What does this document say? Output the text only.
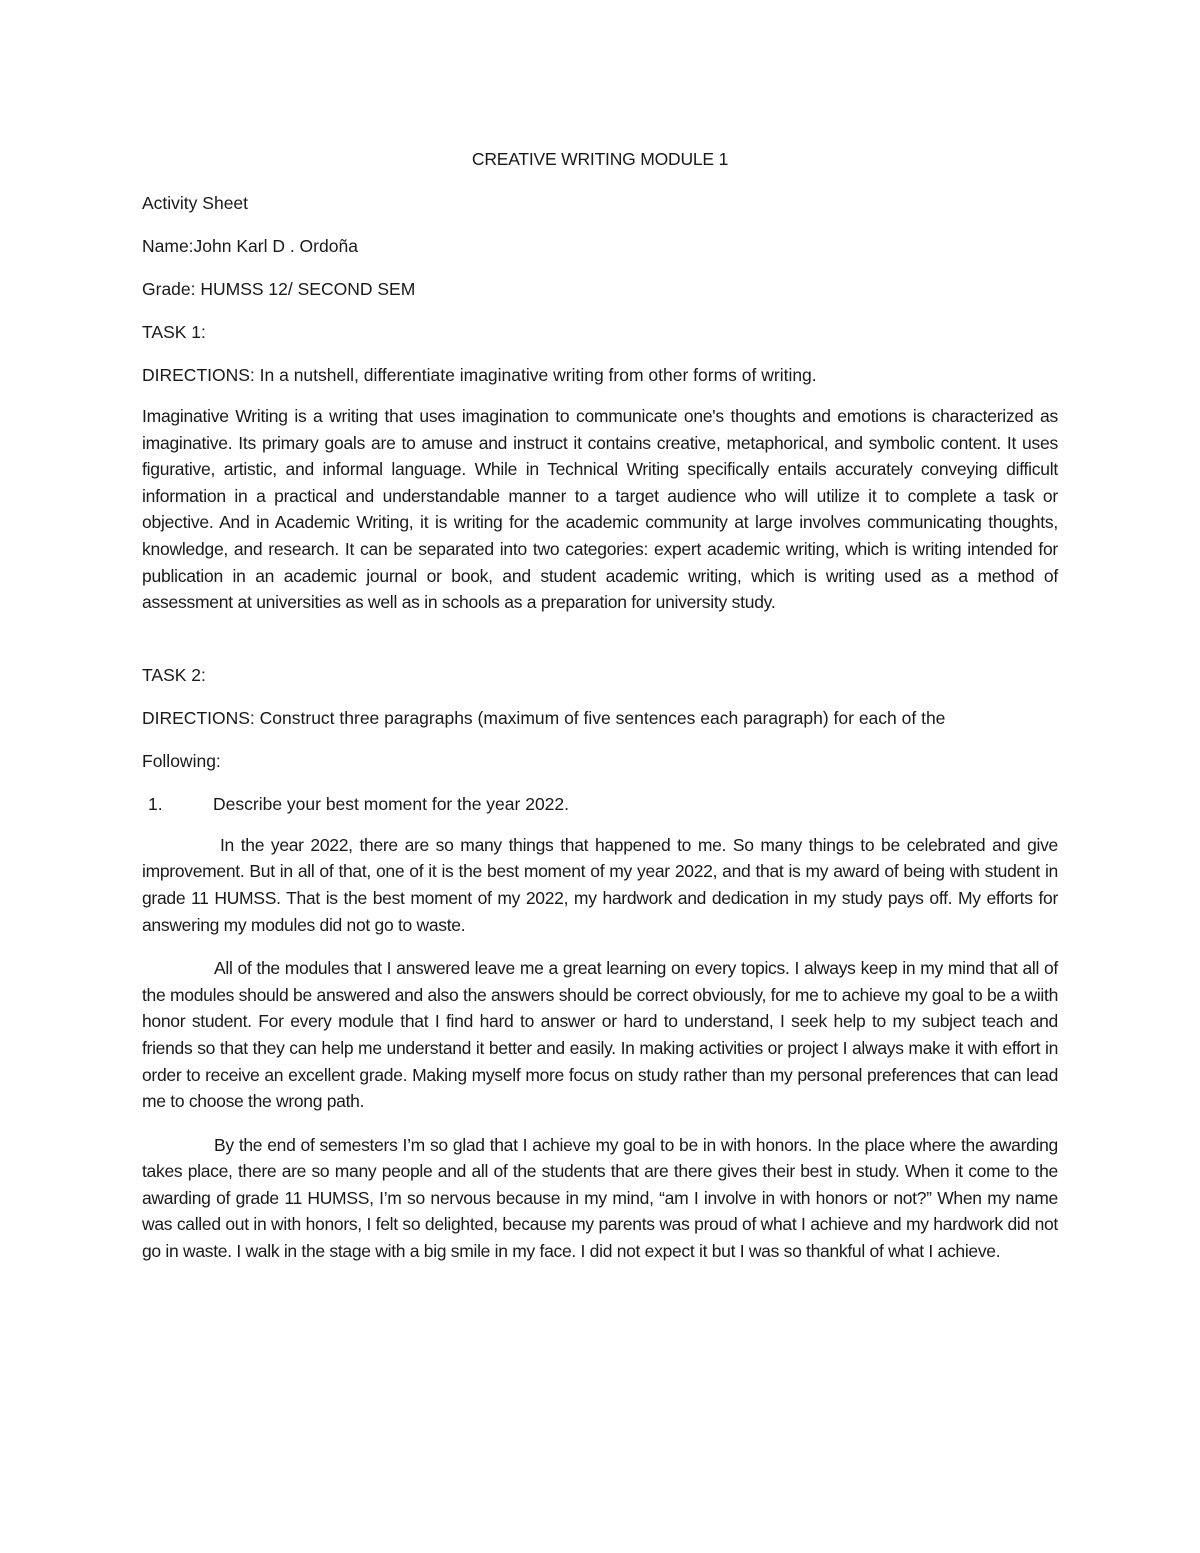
CREATIVE WRITING MODULE 1
Activity Sheet
Name:John Karl D . Ordoña
Grade: HUMSS 12/ SECOND SEM
TASK 1:
DIRECTIONS: In a nutshell, differentiate imaginative writing from other forms of writing.

Imaginative Writing is a writing that uses imagination to communicate one's thoughts and emotions is characterized as imaginative. Its primary goals are to amuse and instruct it contains creative, metaphorical, and symbolic content. It uses figurative, artistic, and informal language. While in Technical Writing specifically entails accurately conveying difficult information in a practical and understandable manner to a target audience who will utilize it to complete a task or objective. And in Academic Writing, it is writing for the academic community at large involves communicating thoughts, knowledge, and research. It can be separated into two categories: expert academic writing, which is writing intended for publication in an academic journal or book, and student academic writing, which is writing used as a method of assessment at universities as well as in schools as a preparation for university study.

TASK 2:
DIRECTIONS: Construct three paragraphs (maximum of five sentences each paragraph) for each of the
Following:
1.	Describe your best moment for the year 2022.

In the year 2022, there are so many things that happened to me. So many things to be celebrated and give improvement. But in all of that, one of it is the best moment of my year 2022, and that is my award of being with student in grade 11 HUMSS. That is the best moment of my 2022, my hardwork and dedication in my study pays off. My efforts for answering my modules did not go to waste.

All of the modules that I answered leave me a great learning on every topics. I always keep in my mind that all of the modules should be answered and also the answers should be correct obviously, for me to achieve my goal to be a wiith honor student. For every module that I find hard to answer or hard to understand, I seek help to my subject teach and friends so that they can help me understand it better and easily. In making activities or project I always make it with effort in order to receive an excellent grade. Making myself more focus on study rather than my personal preferences that can lead me to choose the wrong path.

By the end of semesters I’m so glad that I achieve my goal to be in with honors. In the place where the awarding takes place, there are so many people and all of the students that are there gives their best in study. When it come to the awarding of grade 11 HUMSS, I’m so nervous because in my mind, “am I involve in with honors or not?” When my name was called out in with honors, I felt so delighted, because my parents was proud of what I achieve and my hardwork did not go in waste. I walk in the stage with a big smile in my face. I did not expect it but I was so thankful of what I achieve.
